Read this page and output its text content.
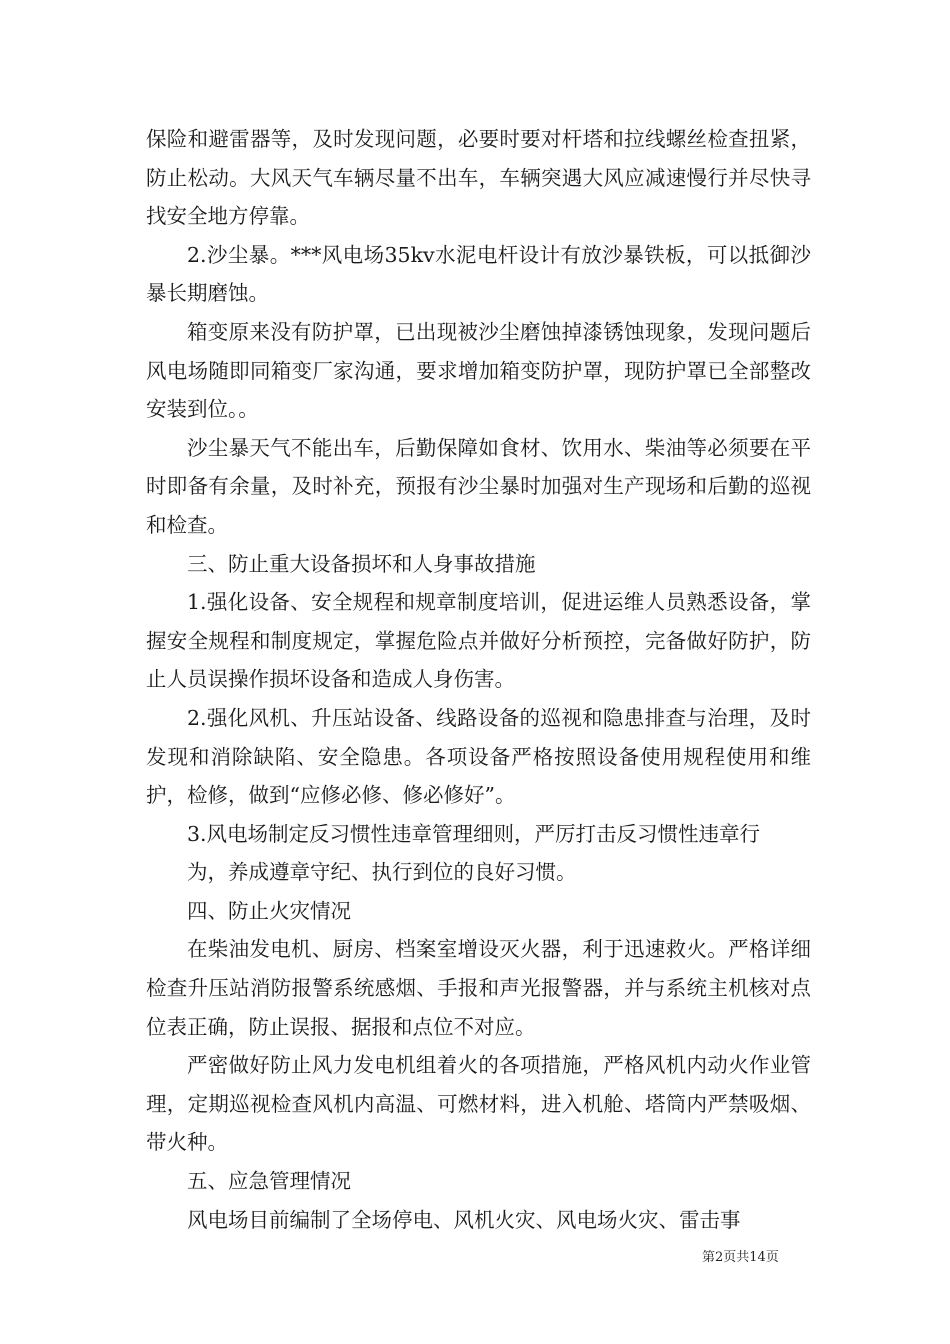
保险和避雷器等，及时发现问题，必要时要对杆塔和拉线螺丝检查扭紧，防止松动。大风天气车辆尽量不出车，车辆突遇大风应减速慢行并尽快寻找安全地方停靠。

2.沙尘暴。***风电场35kv水泥电杆设计有放沙暴铁板，可以抵御沙暴长期磨蚀。

箱变原来没有防护罩，已出现被沙尘磨蚀掉漆锈蚀现象，发现问题后风电场随即同箱变厂家沟通，要求增加箱变防护罩，现防护罩已全部整改安装到位。。

沙尘暴天气不能出车，后勤保障如食材、饮用水、柴油等必须要在平时即备有余量，及时补充，预报有沙尘暴时加强对生产现场和后勤的巡视和检查。

三、防止重大设备损坏和人身事故措施

1.强化设备、安全规程和规章制度培训，促进运维人员熟悉设备，掌握安全规程和制度规定，掌握危险点并做好分析预控，完备做好防护，防止人员误操作损坏设备和造成人身伤害。

2.强化风机、升压站设备、线路设备的巡视和隐患排查与治理，及时发现和消除缺陷、安全隐患。各项设备严格按照设备使用规程使用和维护，检修，做到“应修必修、修必修好”。

3.风电场制定反习惯性违章管理细则，严厉打击反习惯性违章行

为，养成遵章守纪、执行到位的良好习惯。

四、防止火灾情况

在柴油发电机、厨房、档案室增设灭火器，利于迅速救火。严格详细检查升压站消防报警系统感烟、手报和声光报警器，并与系统主机核对点位表正确，防止误报、据报和点位不对应。

严密做好防止风力发电机组着火的各项措施，严格风机内动火作业管理，定期巡视检查风机内高温、可燃材料，进入机舱、塔筒内严禁吸烟、带火种。

五、应急管理情况

风电场目前编制了全场停电、风机火灾、风电场火灾、雷击事

第2页共14页
